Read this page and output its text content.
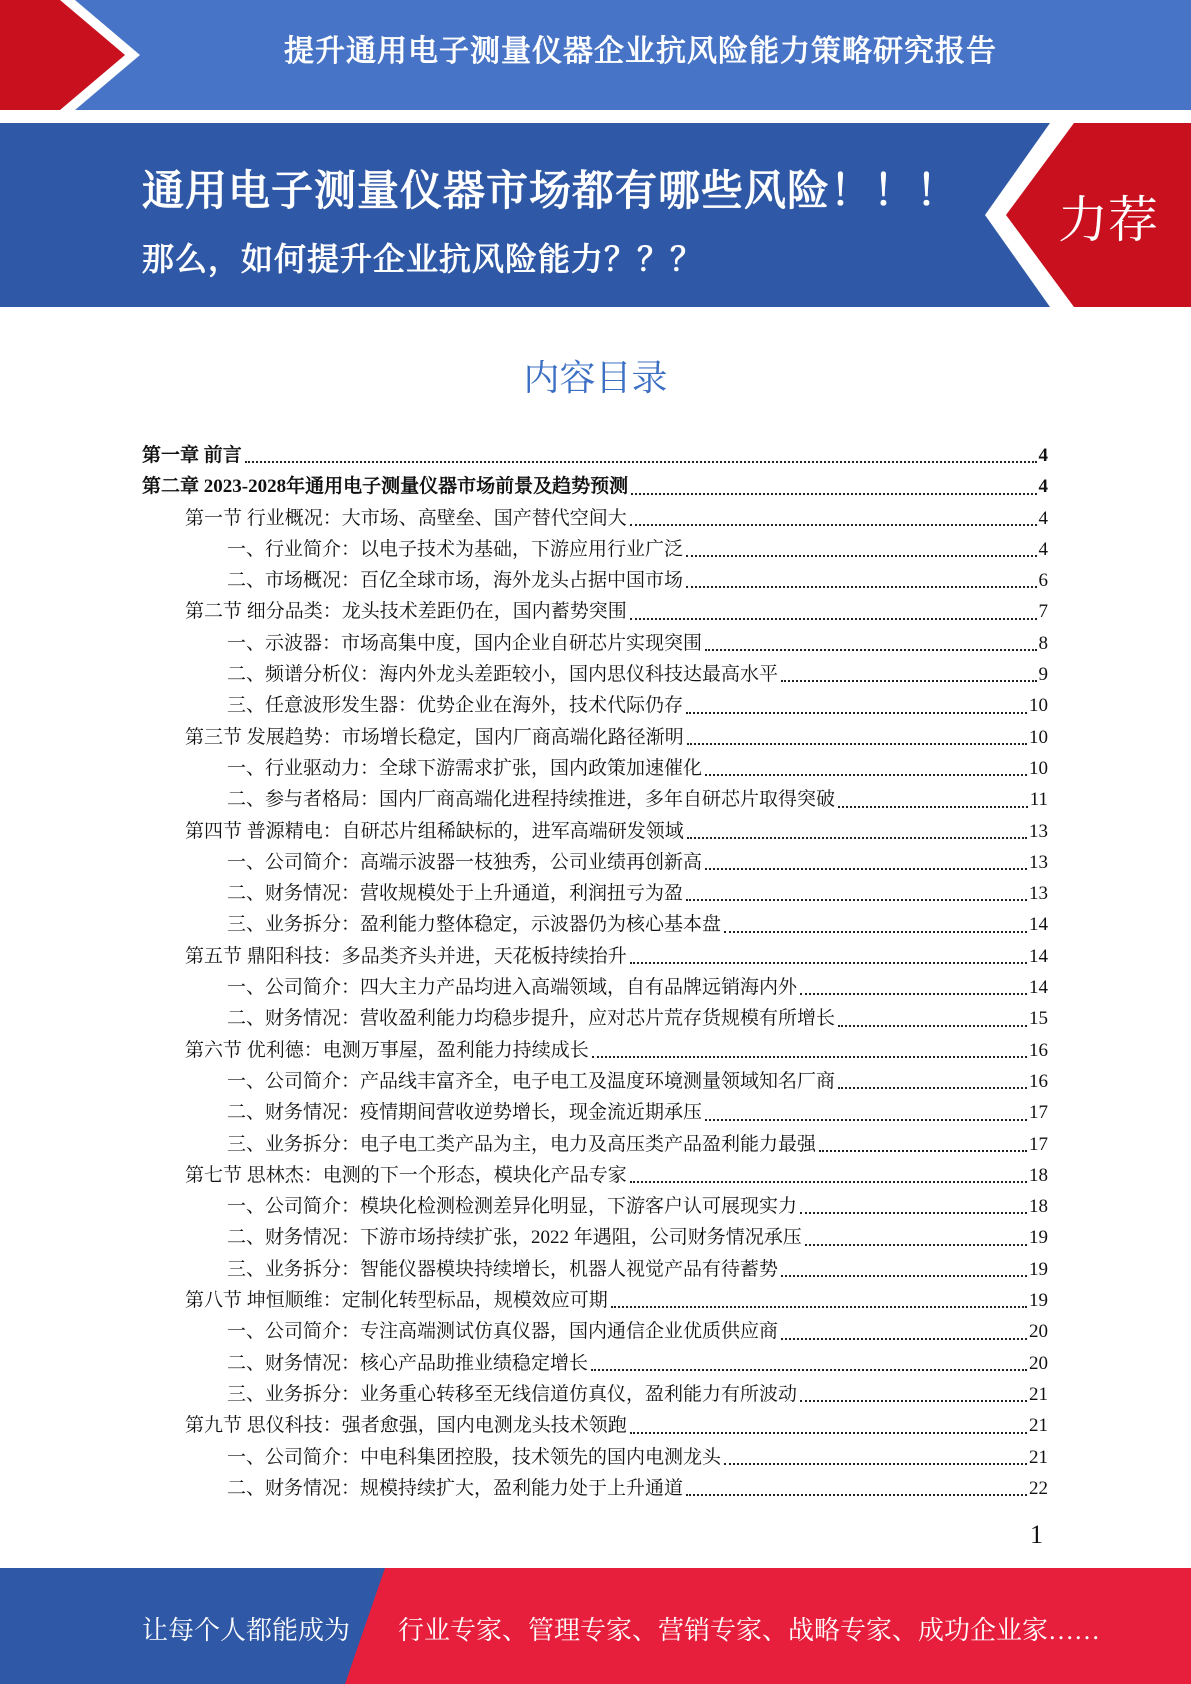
提升通用电子测量仪器企业抗风险能力策略研究报告
通用电子测量仪器市场都有哪些风险！！！
那么，如何提升企业抗风险能力？？？
力荐
内容目录
第一章 前言	4
第二章 2023-2028年通用电子测量仪器市场前景及趋势预测	4
第一节 行业概况：大市场、高壁垒、国产替代空间大	4
一、行业简介：以电子技术为基础，下游应用行业广泛	4
二、市场概况：百亿全球市场，海外龙头占据中国市场	6
第二节 细分品类：龙头技术差距仍在，国内蓄势突围	7
一、示波器：市场高集中度，国内企业自研芯片实现突围	8
二、频谱分析仪：海内外龙头差距较小，国内思仪科技达最高水平	9
三、任意波形发生器：优势企业在海外，技术代际仍存	10
第三节 发展趋势：市场增长稳定，国内厂商高端化路径渐明	10
一、行业驱动力：全球下游需求扩张，国内政策加速催化	10
二、参与者格局：国内厂商高端化进程持续推进，多年自研芯片取得突破	11
第四节 普源精电：自研芯片组稀缺标的，进军高端研发领域	13
一、公司简介：高端示波器一枝独秀，公司业绩再创新高	13
二、财务情况：营收规模处于上升通道，利润扭亏为盈	13
三、业务拆分：盈利能力整体稳定，示波器仍为核心基本盘	14
第五节 鼎阳科技：多品类齐头并进，天花板持续抬升	14
一、公司简介：四大主力产品均进入高端领域，自有品牌远销海内外	14
二、财务情况：营收盈利能力均稳步提升，应对芯片荒存货规模有所增长	15
第六节 优利德：电测万事屋，盈利能力持续成长	16
一、公司简介：产品线丰富齐全，电子电工及温度环境测量领域知名厂商	16
二、财务情况：疫情期间营收逆势增长，现金流近期承压	17
三、业务拆分：电子电工类产品为主，电力及高压类产品盈利能力最强	17
第七节 思林杰：电测的下一个形态，模块化产品专家	18
一、公司简介：模块化检测检测差异化明显，下游客户认可展现实力	18
二、财务情况：下游市场持续扩张，2022 年遇阻，公司财务情况承压	19
三、业务拆分：智能仪器模块持续增长，机器人视觉产品有待蓄势	19
第八节 坤恒顺维：定制化转型标品，规模效应可期	19
一、公司简介：专注高端测试仿真仪器，国内通信企业优质供应商	20
二、财务情况：核心产品助推业绩稳定增长	20
三、业务拆分：业务重心转移至无线信道仿真仪，盈利能力有所波动	21
第九节 思仪科技：强者愈强，国内电测龙头技术领跑	21
一、公司简介：中电科集团控股，技术领先的国内电测龙头	21
二、财务情况：规模持续扩大，盈利能力处于上升通道	22
1
让每个人都能成为 行业专家、管理专家、营销专家、战略专家、成功企业家……
